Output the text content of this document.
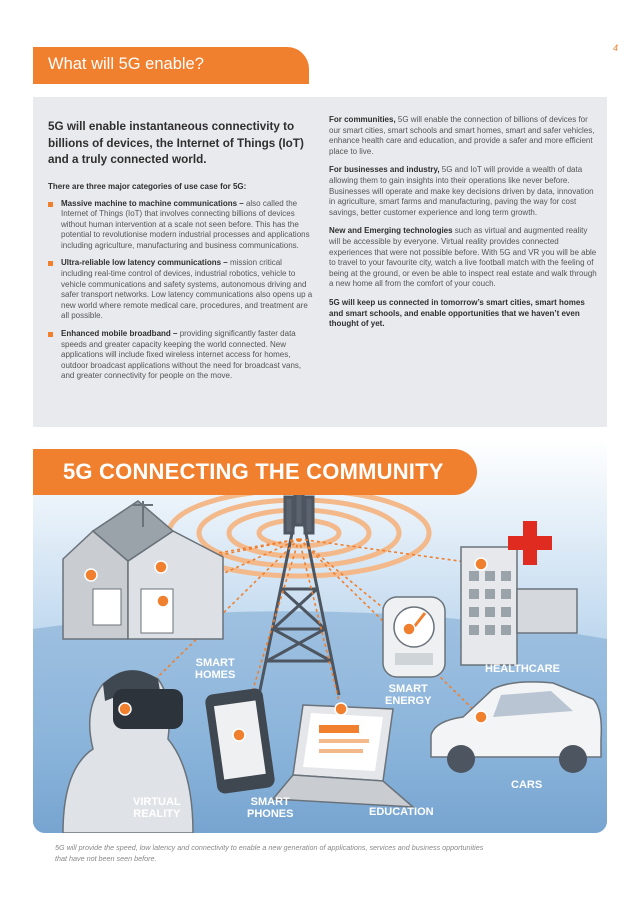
What will 5G enable?
4

5G will enable instantaneous connectivity to billions of devices, the Internet of Things (IoT) and a truly connected world.

There are three major categories of use case for 5G:

Massive machine to machine communications – also called the Internet of Things (IoT) that involves connecting billions of devices without human intervention at a scale not seen before. This has the potential to revolutionise modern industrial processes and applications including agriculture, manufacturing and business communications.
Ultra-reliable low latency communications – mission critical including real-time control of devices, industrial robotics, vehicle to vehicle communications and safety systems, autonomous driving and safer transport networks. Low latency communications also opens up a new world where remote medical care, procedures, and treatment are all possible.
Enhanced mobile broadband – providing significantly faster data speeds and greater capacity keeping the world connected. New applications will include fixed wireless internet access for homes, outdoor broadcast applications without the need for broadcast vans, and greater connectivity for people on the move.

For communities, 5G will enable the connection of billions of devices for our smart cities, smart schools and smart homes, smart and safer vehicles, enhance health care and education, and provide a safer and more efficient place to live.

For businesses and industry, 5G and IoT will provide a wealth of data allowing them to gain insights into their operations like never before. Businesses will operate and make key decisions driven by data, innovation in agriculture, smart farms and manufacturing, paving the way for cost savings, better customer experience and long term growth.

New and Emerging technologies such as virtual and augmented reality will be accessible by everyone. Virtual reality provides connected experiences that were not possible before. With 5G and VR you will be able to travel to your favourite city, watch a live football match with the feeling of being at the ground, or even be able to inspect real estate and walk through a new home all from the comfort of your couch.

5G will keep us connected in tomorrow’s smart cities, smart homes and smart schools, and enable opportunities that we haven’t even thought of yet.

5G CONNECTING THE COMMUNITY
SMART
HOMES
SMART
ENERGY
HEALTHCARE
CARS
VIRTUAL
REALITY
SMART
PHONES	EDUCATION
5G will provide the speed, low latency and connectivity to enable a new generation of applications, services and business opportunities that have not been seen before.
